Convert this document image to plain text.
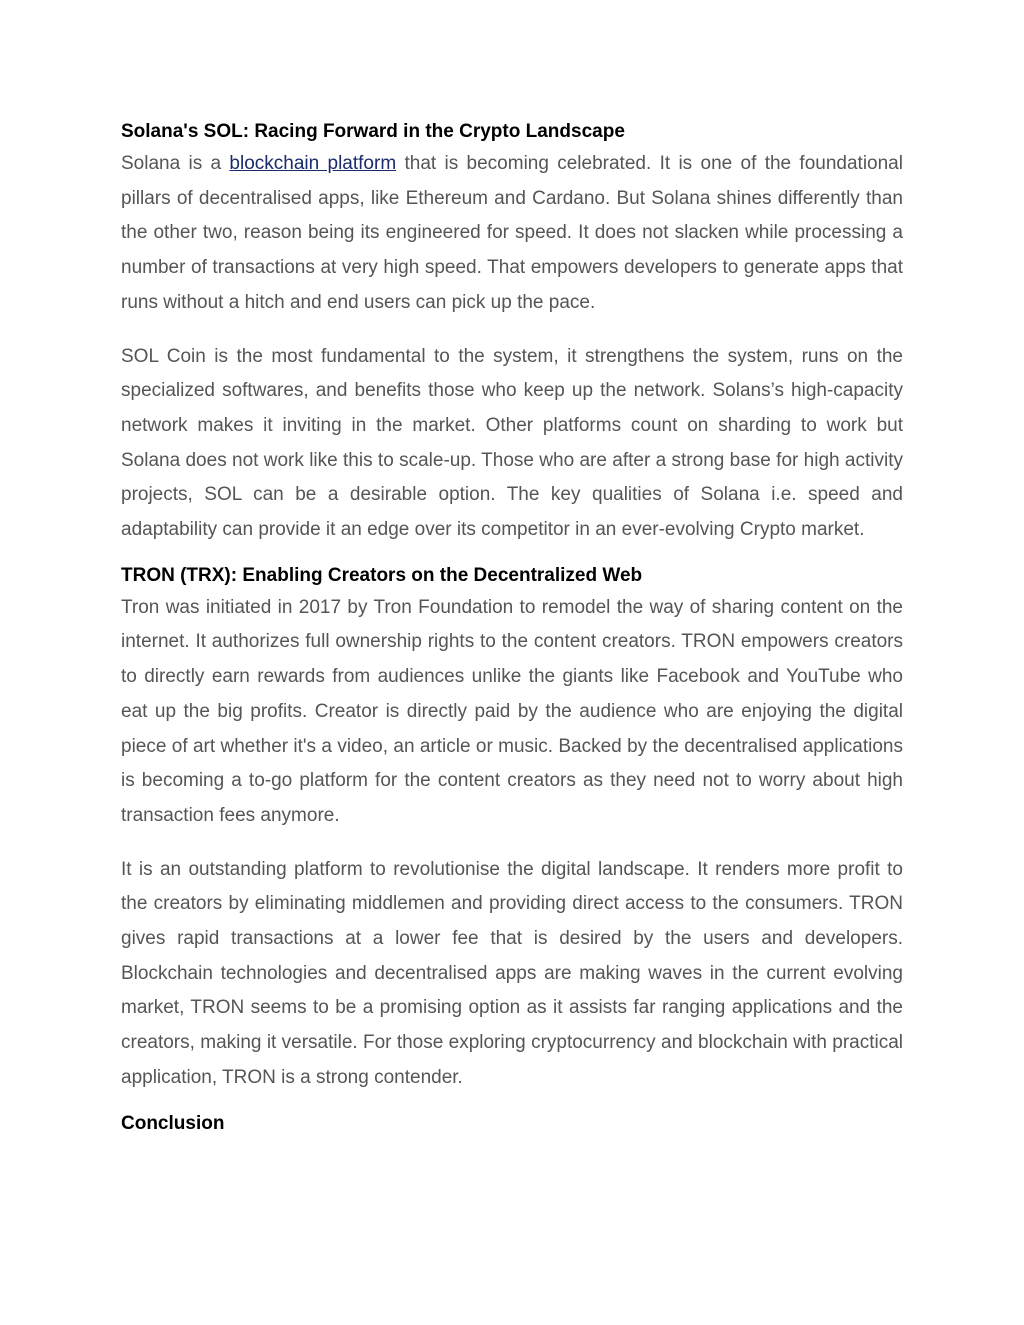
Solana's SOL: Racing Forward in the Crypto Landscape

Solana is a blockchain platform that is becoming celebrated. It is one of the foundational pillars of decentralised apps, like Ethereum and Cardano. But Solana shines differently than the other two, reason being its engineered for speed. It does not slacken while processing a number of transactions at very high speed. That empowers developers to generate apps that runs without a hitch and end users can pick up the pace.

SOL Coin is the most fundamental to the system, it strengthens the system, runs on the specialized softwares, and benefits those who keep up the network. Solans’s high-capacity network makes it inviting in the market. Other platforms count on sharding to work but Solana does not work like this to scale-up. Those who are after a strong base for high activity projects, SOL can be a desirable option. The key qualities of Solana i.e. speed and adaptability can provide it an edge over its competitor in an ever-evolving Crypto market.

TRON (TRX): Enabling Creators on the Decentralized Web

Tron was initiated in 2017 by Tron Foundation to remodel the way of sharing content on the internet. It authorizes full ownership rights to the content creators. TRON empowers creators to directly earn rewards from audiences unlike the giants like Facebook and YouTube who eat up the big profits. Creator is directly paid by the audience who are enjoying the digital piece of art whether it's a video, an article or music. Backed by the decentralised applications is becoming a to-go platform for the content creators as they need not to worry about high transaction fees anymore.

It is an outstanding platform to revolutionise the digital landscape. It renders more profit to the creators by eliminating middlemen and providing direct access to the consumers. TRON gives rapid transactions at a lower fee that is desired by the users and developers. Blockchain technologies and decentralised apps are making waves in the current evolving market, TRON seems to be a promising option as it assists far ranging applications and the creators, making it versatile. For those exploring cryptocurrency and blockchain with practical application, TRON is a strong contender.

Conclusion
